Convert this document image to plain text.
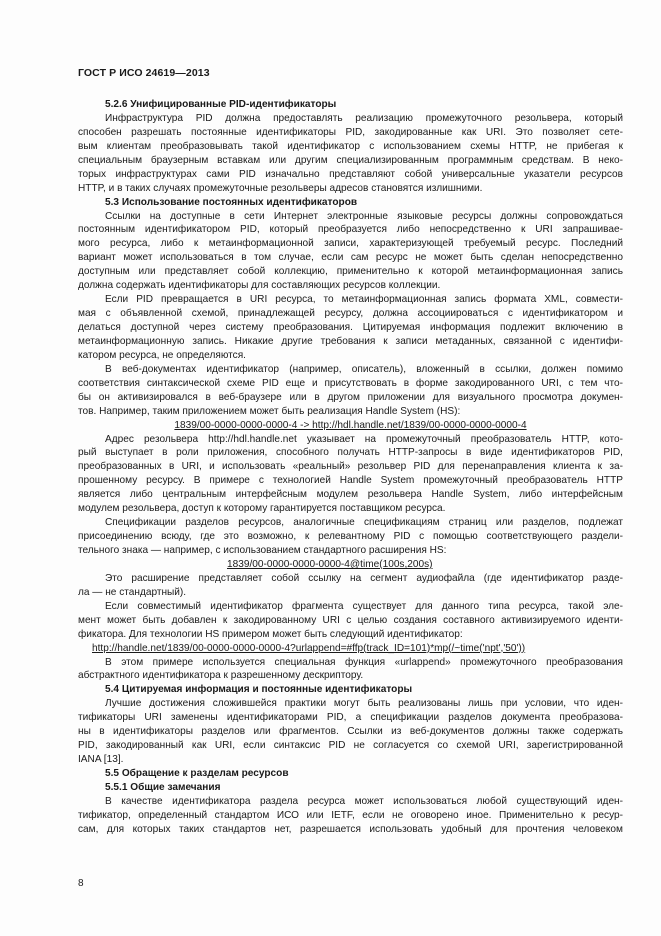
ГОСТ Р ИСО 24619—2013
5.2.6 Унифицированные PID-идентификаторы
Инфраструктура PID должна предоставлять реализацию промежуточного резольвера, который
способен разрешать постоянные идентификаторы PID, закодированные как URI. Это позволяет сете-
вым клиентам преобразовывать такой идентификатор с использованием схемы HTTP, не прибегая к
специальным браузерным вставкам или другим специализированным программным средствам. В неко-
торых инфраструктурах сами PID изначально представляют собой универсальные указатели ресурсов
HTTP, и в таких случаях промежуточные резольверы адресов становятся излишними.
5.3 Использование постоянных идентификаторов
Ссылки на доступные в сети Интернет электронные языковые ресурсы должны сопровождаться
постоянным идентификатором PID, который преобразуется либо непосредственно к URI запрашивае-
мого ресурса, либо к метаинформационной записи, характеризующей требуемый ресурс. Последний
вариант может использоваться в том случае, если сам ресурс не может быть сделан непосредственно
доступным или представляет собой коллекцию, применительно к которой метаинформационная запись
должна содержать идентификаторы для составляющих ресурсов коллекции.
Если PID превращается в URI ресурса, то метаинформационная запись формата XML, совмести-
мая с объявленной схемой, принадлежащей ресурсу, должна ассоциироваться с идентификатором и
делаться доступной через систему преобразования. Цитируемая информация подлежит включению в
метаинформационную запись. Никакие другие требования к записи метаданных, связанной с идентифи-
катором ресурса, не определяются.
В веб-документах идентификатор (например, описатель), вложенный в ссылки, должен помимо
соответствия синтаксической схеме PID еще и присутствовать в форме закодированного URI, с тем что-
бы он активизировался в веб-браузере или в другом приложении для визуального просмотра докумен-
тов. Например, таким приложением может быть реализация Handle System (HS):
1839/00-0000-0000-0000-4 -> http://hdl.handle.net/1839/00-0000-0000-0000-4
Адрес резольвера http://hdl.handle.net указывает на промежуточный преобразователь HTTP, кото-
рый выступает в роли приложения, способного получать HTTP-запросы в виде идентификаторов PID,
преобразованных в URI, и использовать «реальный» резольвер PID для перенаправления клиента к за-
прошенному ресурсу. В примере с технологией Handle System промежуточный преобразователь HTTP
является либо центральным интерфейсным модулем резольвера Handle System, либо интерфейсным
модулем резольвера, доступ к которому гарантируется поставщиком ресурса.
Спецификации разделов ресурсов, аналогичные спецификациям страниц или разделов, подлежат
присоединению всюду, где это возможно, к релевантному PID с помощью соответствующего раздели-
тельного знака — например, с использованием стандартного расширения HS:
1839/00-0000-0000-0000-4@time(100s,200s)
Это расширение представляет собой ссылку на сегмент аудиофайла (где идентификатор разде-
ла — не стандартный).
Если совместимый идентификатор фрагмента существует для данного типа ресурса, такой эле-
мент может быть добавлен к закодированному URI с целью создания составного активизируемого иденти-
фикатора. Для технологии HS примером может быть следующий идентификатор:
http://handle.net/1839/00-0000-0000-0000-4?urlappend=#ffp(track_ID=101)*mp(/~time('npt','50'))
В этом примере используется специальная функция «urlappend» промежуточного преобразования
абстрактного идентификатора к разрешенному дескриптору.
5.4 Цитируемая информация и постоянные идентификаторы
Лучшие достижения сложившейся практики могут быть реализованы лишь при условии, что иден-
тификаторы URI заменены идентификаторами PID, а спецификации разделов документа преобразова-
ны в идентификаторы разделов или фрагментов. Ссылки из веб-документов должны также содержать
PID, закодированный как URI, если синтаксис PID не согласуется со схемой URI, зарегистрированной
IANA [13].
5.5 Обращение к разделам ресурсов
5.5.1 Общие замечания
В качестве идентификатора раздела ресурса может использоваться любой существующий иден-
тификатор, определенный стандартом ИСО или IETF, если не оговорено иное. Применительно к ресур-
сам, для которых таких стандартов нет, разрешается использовать удобный для прочтения человеком
8
